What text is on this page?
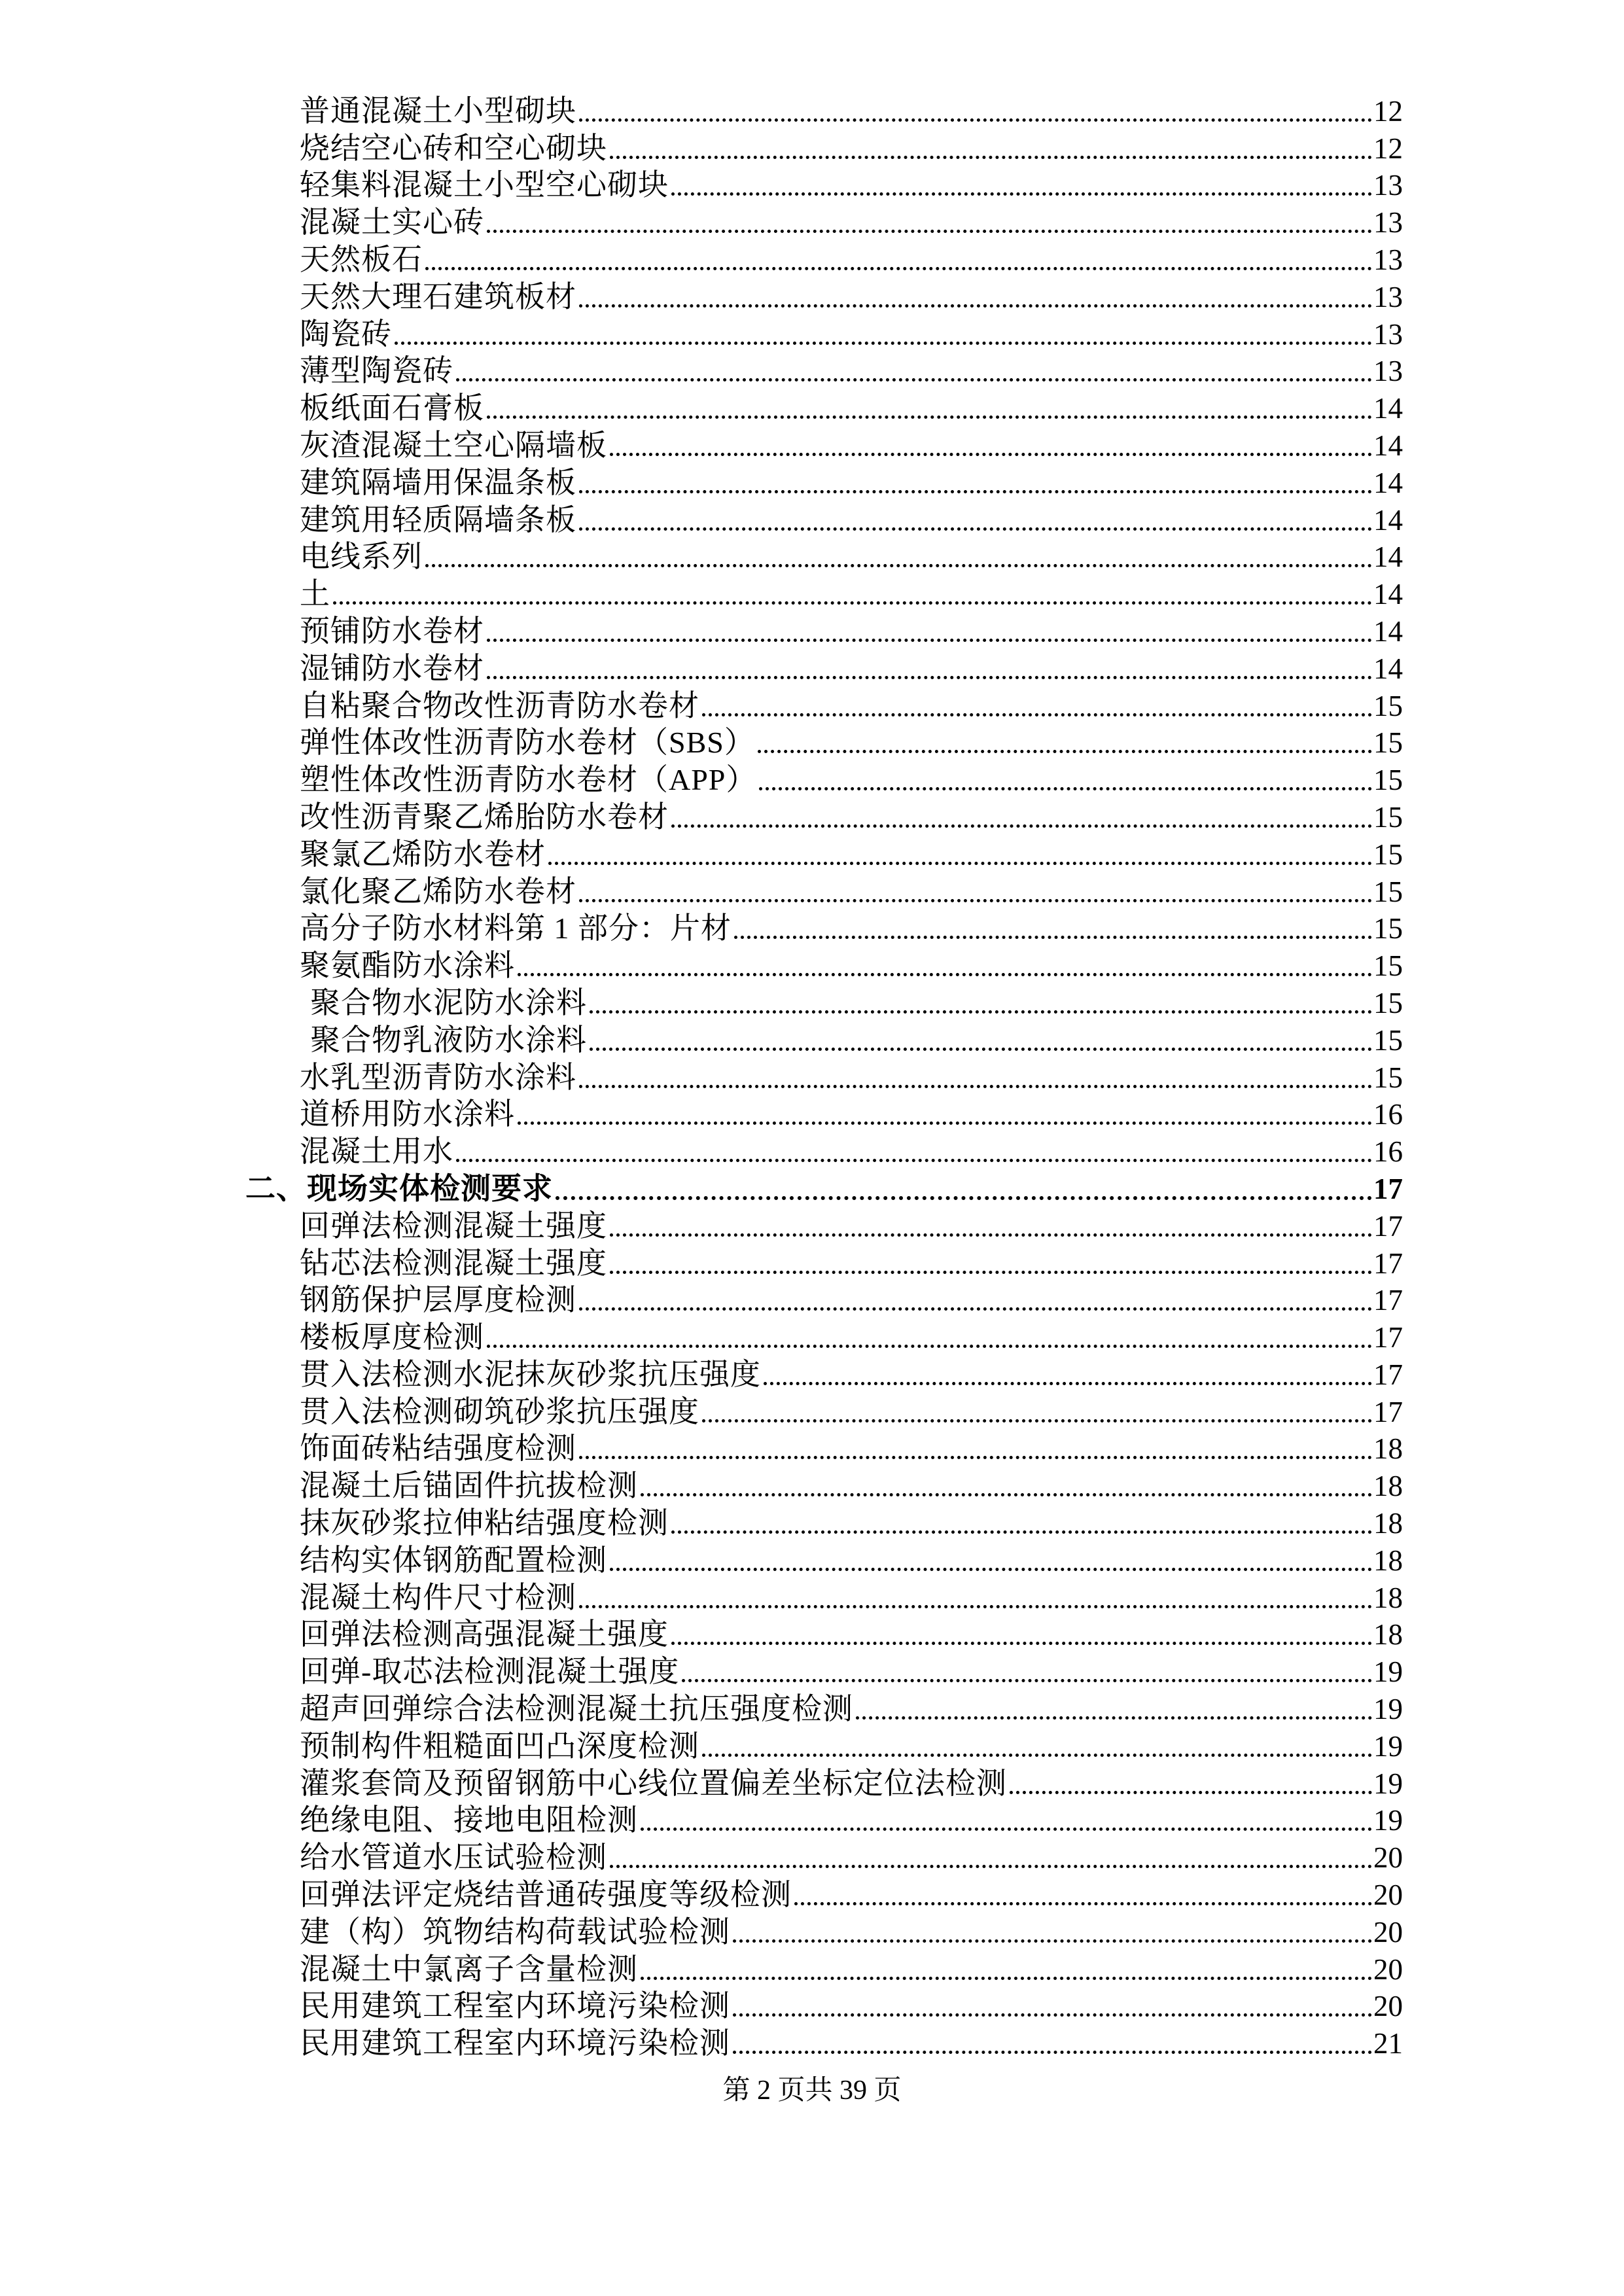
普通混凝土小型砌块	12
烧结空心砖和空心砌块	12
轻集料混凝土小型空心砌块	13
混凝土实心砖	13
天然板石	13
天然大理石建筑板材	13
陶瓷砖	13
薄型陶瓷砖	13
板纸面石膏板	14
灰渣混凝土空心隔墙板	14
建筑隔墙用保温条板	14
建筑用轻质隔墙条板	14
电线系列	14
土	14
预铺防水卷材	14
湿铺防水卷材	14
自粘聚合物改性沥青防水卷材	15
弹性体改性沥青防水卷材（SBS）	15
塑性体改性沥青防水卷材（APP）	15
改性沥青聚乙烯胎防水卷材	15
聚氯乙烯防水卷材	15
氯化聚乙烯防水卷材	15
高分子防水材料第 1 部分：片材	15
聚氨酯防水涂料	15
聚合物水泥防水涂料	15
聚合物乳液防水涂料	15
水乳型沥青防水涂料	15
道桥用防水涂料	16
混凝土用水	16
二、现场实体检测要求	17
回弹法检测混凝土强度	17
钻芯法检测混凝土强度	17
钢筋保护层厚度检测	17
楼板厚度检测	17
贯入法检测水泥抹灰砂浆抗压强度	17
贯入法检测砌筑砂浆抗压强度	17
饰面砖粘结强度检测	18
混凝土后锚固件抗拔检测	18
抹灰砂浆拉伸粘结强度检测	18
结构实体钢筋配置检测	18
混凝土构件尺寸检测	18
回弹法检测高强混凝土强度	18
回弹-取芯法检测混凝土强度	19
超声回弹综合法检测混凝土抗压强度检测	19
预制构件粗糙面凹凸深度检测	19
灌浆套筒及预留钢筋中心线位置偏差坐标定位法检测	19
绝缘电阻、接地电阻检测	19
给水管道水压试验检测	20
回弹法评定烧结普通砖强度等级检测	20
建（构）筑物结构荷载试验检测	20
混凝土中氯离子含量检测	20
民用建筑工程室内环境污染检测	20
民用建筑工程室内环境污染检测	21
第 2 页共 39 页
